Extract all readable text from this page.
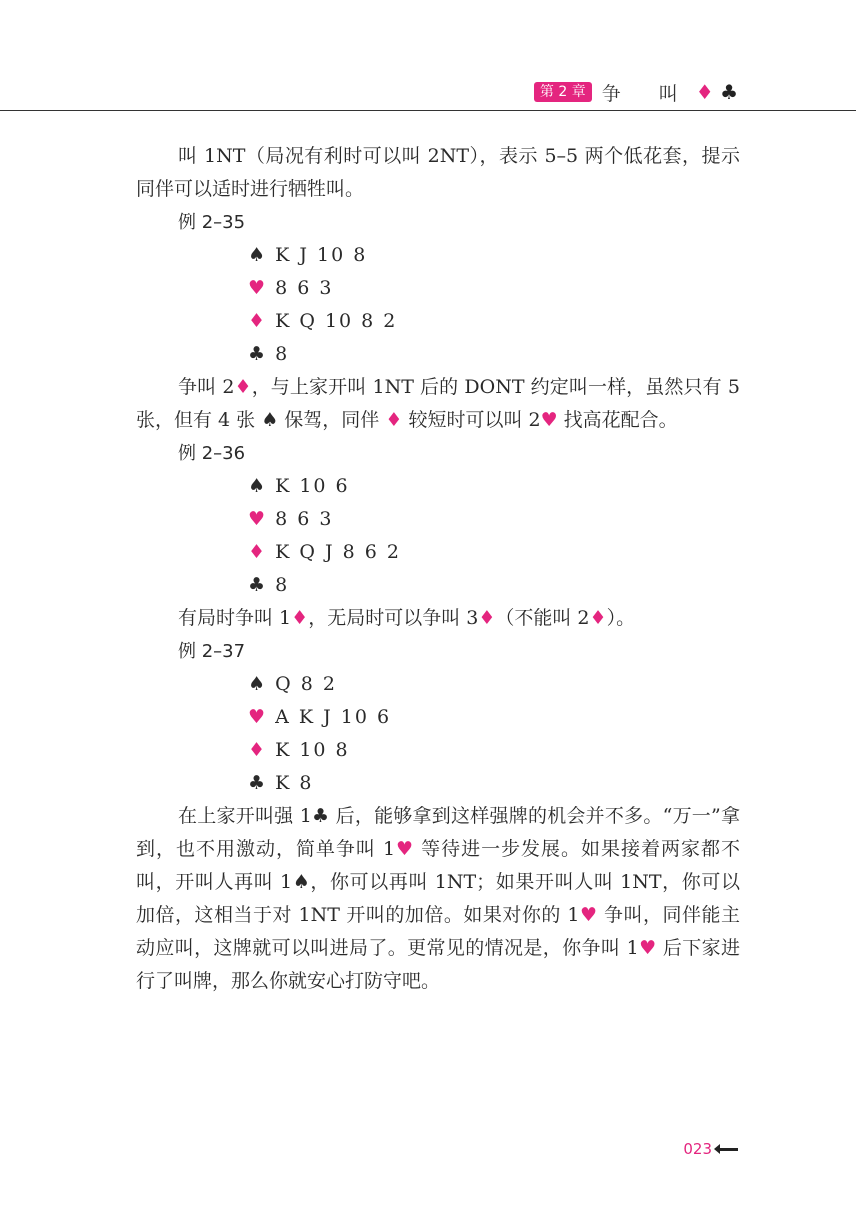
第 2 章 争 叫 ♦ ♣

叫 1NT（局况有利时可以叫 2NT），表示 5–5 两个低花套，提示同伴可以适时进行牺牲叫。

例 2–35
♠ K J 10 8
♥ 8 6 3
♦ K Q 10 8 2
♣ 8

争叫 2♦，与上家开叫 1NT 后的 DONT 约定叫一样，虽然只有 5 张，但有 4 张 ♠ 保驾，同伴 ♦ 较短时可以叫 2♥ 找高花配合。

例 2–36
♠ K 10 6
♥ 8 6 3
♦ K Q J 8 6 2
♣ 8

有局时争叫 1♦，无局时可以争叫 3♦（不能叫 2♦）。

例 2–37
♠ Q 8 2
♥ A K J 10 6
♦ K 10 8
♣ K 8

在上家开叫强 1♣ 后，能够拿到这样强牌的机会并不多。“万一”拿到，也不用激动，简单争叫 1♥ 等待进一步发展。如果接着两家都不叫，开叫人再叫 1♠，你可以再叫 1NT；如果开叫人叫 1NT，你可以加倍，这相当于对 1NT 开叫的加倍。如果对你的 1♥ 争叫，同伴能主动应叫，这牌就可以叫进局了。更常见的情况是，你争叫 1♥ 后下家进行了叫牌，那么你就安心打防守吧。

023
